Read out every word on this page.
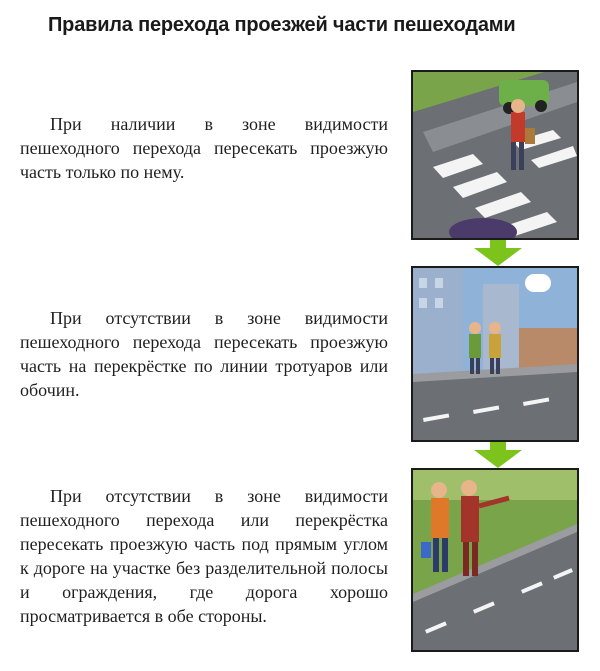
Правила перехода проезжей части пешеходами

При наличии в зоне видимости пешеходного перехода пересекать проезжую часть только по нему.

При отсутствии в зоне видимости пешеходного перехода пересекать проезжую часть на перекрёстке по линии тротуаров или обочин.

При отсутствии в зоне видимости пешеходного перехода или перекрёстка пересекать проезжую часть под прямым углом к дороге на участке без разделительной полосы и ограждения, где дорога хорошо просматривается в обе стороны.
